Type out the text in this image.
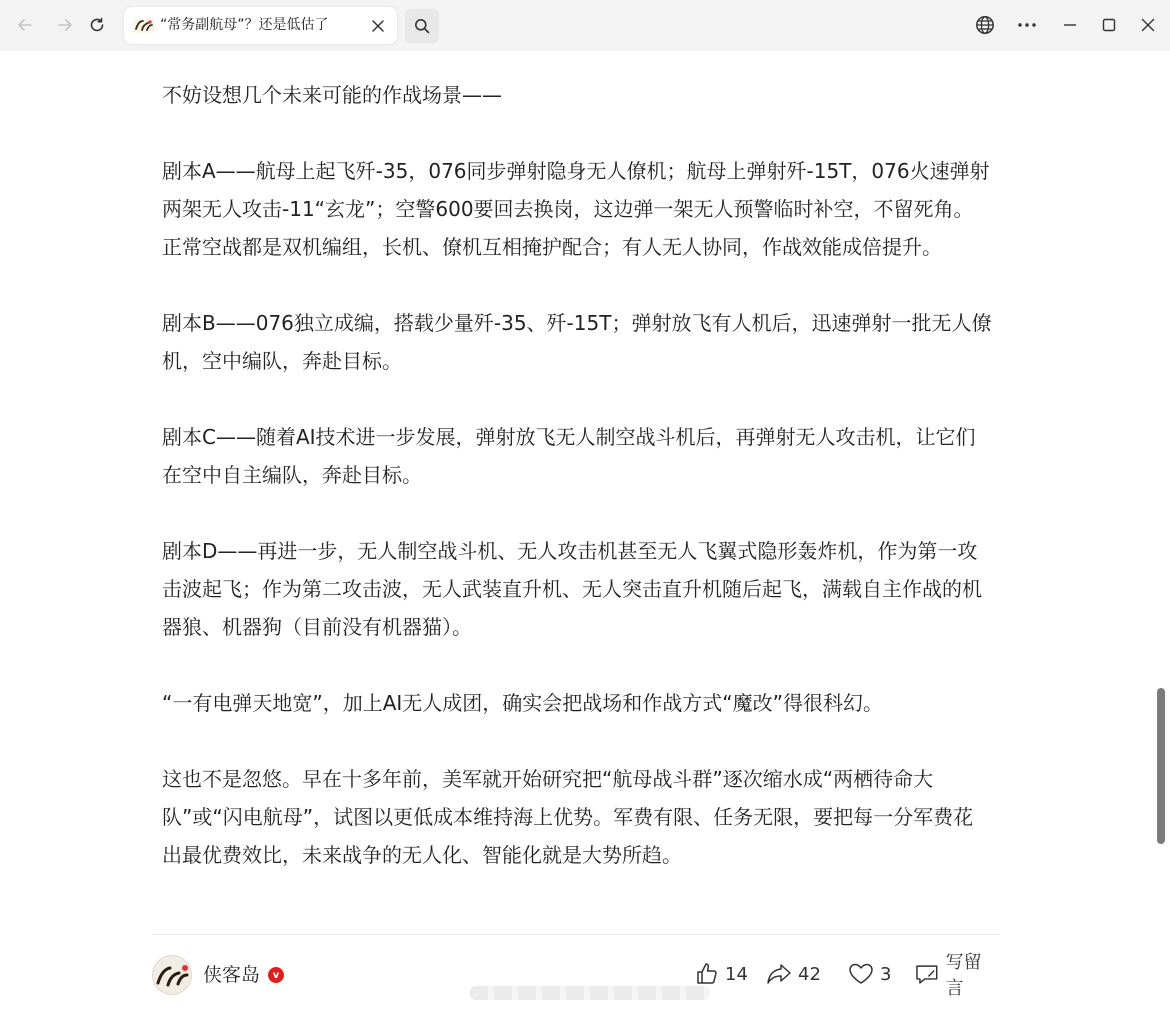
“常务副航母”？还是低估了

不妨设想几个未来可能的作战场景——

剧本A——航母上起飞歼-35，076同步弹射隐身无人僚机；航母上弹射歼-15T，076火速弹射两架无人攻击-11“玄龙”；空警600要回去换岗，这边弹一架无人预警临时补空，不留死角。正常空战都是双机编组，长机、僚机互相掩护配合；有人无人协同，作战效能成倍提升。

剧本B——076独立成编，搭载少量歼-35、歼-15T；弹射放飞有人机后，迅速弹射一批无人僚机，空中编队，奔赴目标。

剧本C——随着AI技术进一步发展，弹射放飞无人制空战斗机后，再弹射无人攻击机，让它们在空中自主编队，奔赴目标。

剧本D——再进一步，无人制空战斗机、无人攻击机甚至无人飞翼式隐形轰炸机，作为第一攻击波起飞；作为第二攻击波，无人武装直升机、无人突击直升机随后起飞，满载自主作战的机器狼、机器狗（目前没有机器猫）。

“一有电弹天地宽”，加上AI无人成团，确实会把战场和作战方式“魔改”得很科幻。

这也不是忽悠。早在十多年前，美军就开始研究把“航母战斗群”逐次缩水成“两栖待命大队”或“闪电航母”，试图以更低成本维持海上优势。军费有限、任务无限，要把每一分军费花出最优费效比，未来战争的无人化、智能化就是大势所趋。

侠客岛	v	14	42	3
写留言
